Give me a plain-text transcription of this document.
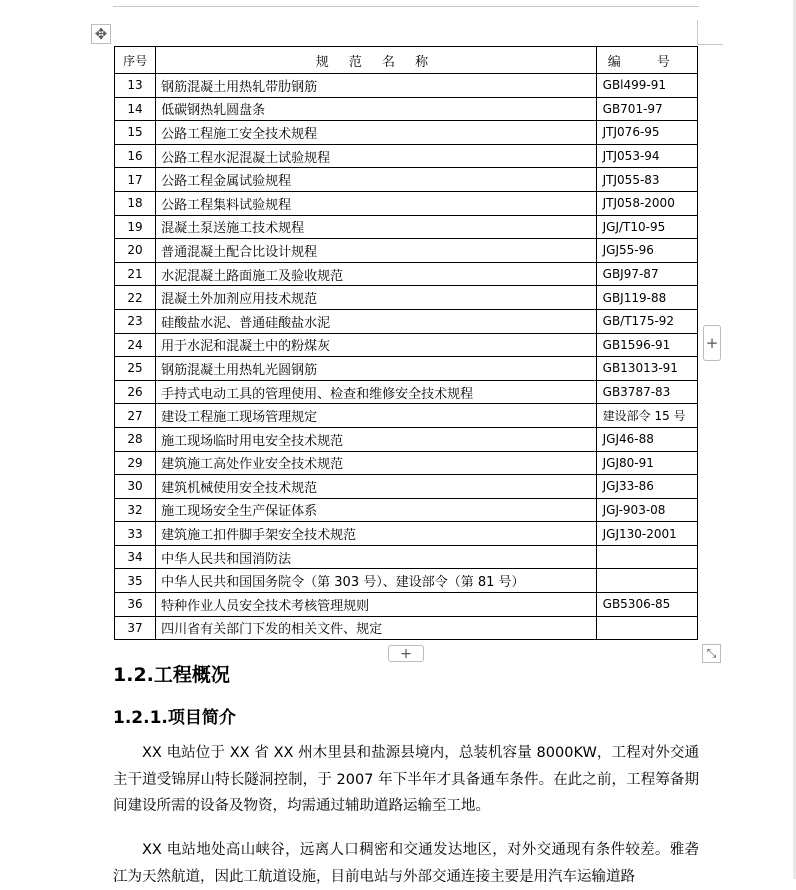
✥
序号	规 范 名 称	编 号
13	钢筋混凝土用热轧带肋钢筋	GBl499-91
14	低碳钢热轧圆盘条	GB701-97
15	公路工程施工安全技术规程	JTJ076-95
16	公路工程水泥混凝土试验规程	JTJ053-94
17	公路工程金属试验规程	JTJ055-83
18	公路工程集料试验规程	JTJ058-2000
19	混凝土泵送施工技术规程	JGJ/T10-95
20	普通混凝土配合比设计规程	JGJ55-96
21	水泥混凝土路面施工及验收规范	GBJ97-87
22	混凝土外加剂应用技术规范	GBJ119-88
23	硅酸盐水泥、普通硅酸盐水泥	GB/T175-92
24	用于水泥和混凝土中的粉煤灰	GB1596-91
25	钢筋混凝土用热轧光圆钢筋	GB13013-91
26	手持式电动工具的管理使用、检查和维修安全技术规程	GB3787-83
27	建设工程施工现场管理规定	建设部令 15 号
28	施工现场临时用电安全技术规范	JGJ46-88
29	建筑施工高处作业安全技术规范	JGJ80-91
30	建筑机械使用安全技术规范	JGJ33-86
32	施工现场安全生产保证体系	JGJ-903-08
33	建筑施工扣件脚手架安全技术规范	JGJ130-2001
34	中华人民共和国消防法	
35	中华人民共和国国务院令（第 303 号）、建设部令（第 81 号）	
36	特种作业人员安全技术考核管理规则	GB5306-85
37	四川省有关部门下发的相关文件、规定	
+
+	⤡
1.2.工程概况
1.2.1.项目简介

XX 电站位于 XX 省 XX 州木里县和盐源县境内，总装机容量 8000KW，工程对外交通主干道受锦屏山特长隧洞控制，于 2007 年下半年才具备通车条件。在此之前，工程筹备期间建设所需的设备及物资，均需通过辅助道路运输至工地。

XX 电站地处高山峡谷，远离人口稠密和交通发达地区，对外交通现有条件较差。雅砻江为天然航道，因此工航道设施，目前电站与外部交通连接主要是用汽车运输道路
